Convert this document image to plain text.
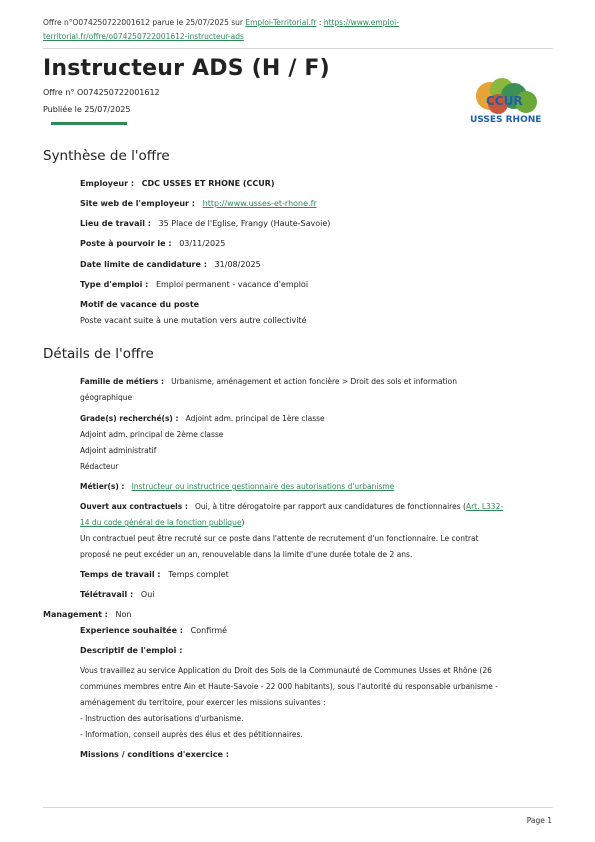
Offre n°O074250722001612 parue le 25/07/2025 sur Emploi-Territorial.fr : https://www.emploi-territorial.fr/offre/o074250722001612-instructeur-ads
Instructeur ADS (H / F)
Offre n° O074250722001612
Publiée le 25/07/2025
CCUR
USSES RHONE
Synthèse de l'offre
Employeur : CDC USSES ET RHONE (CCUR)
Site web de l'employeur : http://www.usses-et-rhone.fr
Lieu de travail : 35 Place de l'Eglise, Frangy (Haute-Savoie)
Poste à pourvoir le : 03/11/2025
Date limite de candidature : 31/08/2025
Type d'emploi : Emploi permanent - vacance d'emploi
Motif de vacance du poste
Poste vacant suite à une mutation vers autre collectivité
Détails de l'offre
Famille de métiers : Urbanisme, aménagement et action foncière > Droit des sols et information
géographique
Grade(s) recherché(s) : Adjoint adm. principal de 1ère classe
Adjoint adm. principal de 2ème classe
Adjoint administratif
Rédacteur
Métier(s) : Instructeur ou instructrice gestionnaire des autorisations d'urbanisme
Ouvert aux contractuels : Oui, à titre dérogatoire par rapport aux candidatures de fonctionnaires (Art. L332-
14 du code général de la fonction publique)
Un contractuel peut être recruté sur ce poste dans l'attente de recrutement d'un fonctionnaire. Le contrat
proposé ne peut excéder un an, renouvelable dans la limite d'une durée totale de 2 ans.
Temps de travail : Temps complet
Télétravail : Oui
Management : Non
Experience souhaitée : Confirmé
Descriptif de l'emploi :
Vous travaillez au service Application du Droit des Sols de la Communauté de Communes Usses et Rhône (26
communes membres entre Ain et Haute-Savoie - 22 000 habitants), sous l'autorité du responsable urbanisme -
aménagement du territoire, pour exercer les missions suivantes :
- Instruction des autorisations d'urbanisme.
- Information, conseil auprès des élus et des pétitionnaires.
Missions / conditions d'exercice :
Page 1
